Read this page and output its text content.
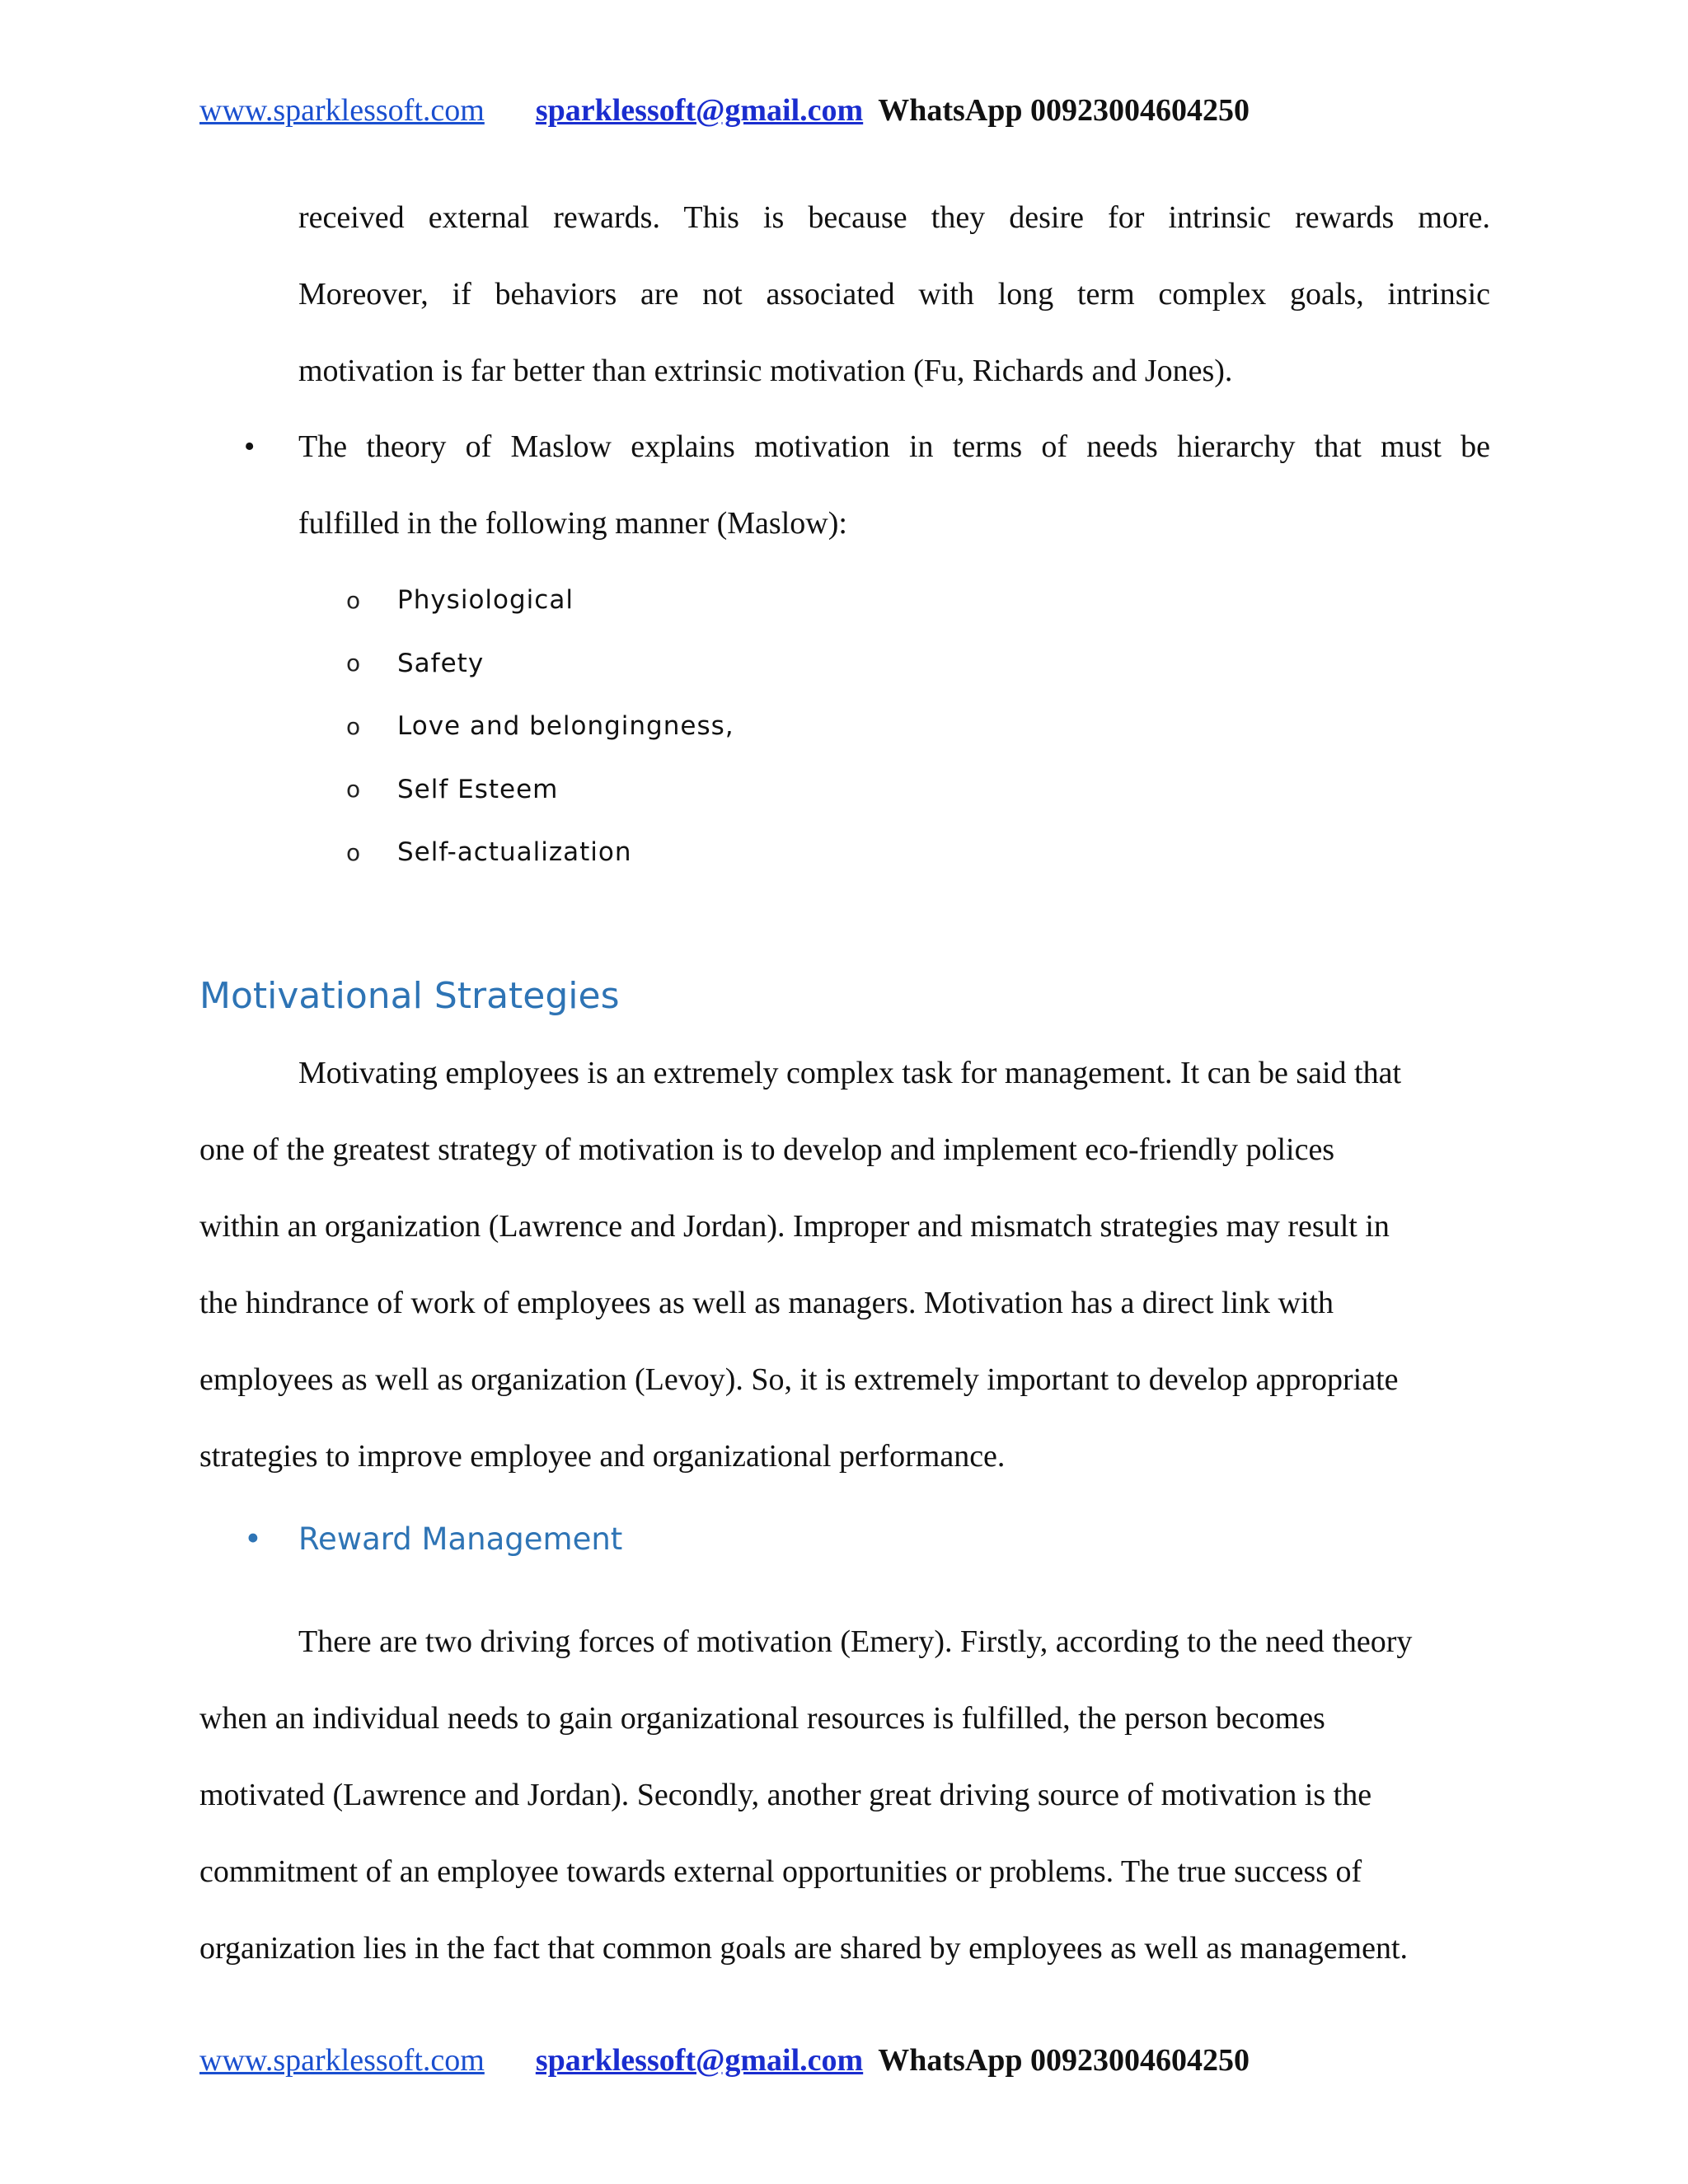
www.sparklessoft.com sparklessoft@gmail.com WhatsApp 00923004604250
received external rewards. This is because they desire for intrinsic rewards more.
Moreover, if behaviors are not associated with long term complex goals, intrinsic
motivation is far better than extrinsic motivation (Fu, Richards and Jones).
• The theory of Maslow explains motivation in terms of needs hierarchy that must be
fulfilled in the following manner (Maslow):
o Physiological
o Safety
o Love and belongingness,
o Self Esteem
o Self-actualization
Motivational Strategies
Motivating employees is an extremely complex task for management. It can be said that
one of the greatest strategy of motivation is to develop and implement eco-friendly polices
within an organization (Lawrence and Jordan). Improper and mismatch strategies may result in
the hindrance of work of employees as well as managers. Motivation has a direct link with
employees as well as organization (Levoy). So, it is extremely important to develop appropriate
strategies to improve employee and organizational performance.
• Reward Management
There are two driving forces of motivation (Emery). Firstly, according to the need theory
when an individual needs to gain organizational resources is fulfilled, the person becomes
motivated (Lawrence and Jordan). Secondly, another great driving source of motivation is the
commitment of an employee towards external opportunities or problems. The true success of
organization lies in the fact that common goals are shared by employees as well as management.
www.sparklessoft.com sparklessoft@gmail.com WhatsApp 00923004604250
